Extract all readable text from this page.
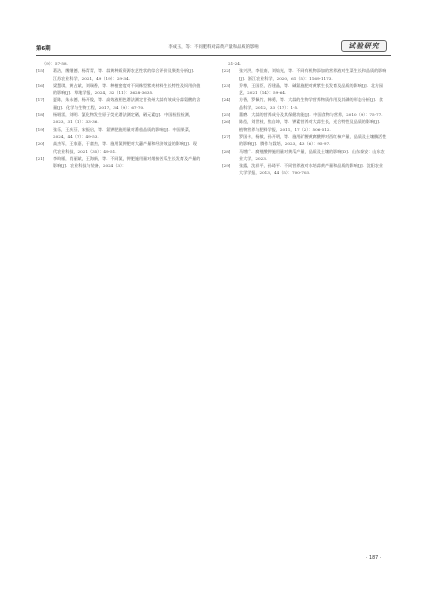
第6期	李成玉，等：不同肥料对蒜黄产量和品质的影响	试验研究
（9）：57-58.
[15] 葛洁，鹰继德，杨青青，等．蒜黄种质资源农艺性状的综合评价及聚类分析[J]．江苏农业科学，2021，49（19）：29-34.
[16] 梁慧琪，黄占斌，刘瑞香，等．种植密度对不同株型紫麦材料生长特性及饲用价值的影响[J]．草地学报，2024，32（11）：3628-3635.
[17] 夏陈，朱永德，杨开俊，等．高效液相色谱法测定甘孜州大蒜有效成分蒜氨酸的含量[J]．化学与生物工程，2017，34（9）：67-70.
[18] 杨唱雷，刘明．氯化物发生原子荧光谱法测定硒，硒元素[J]．中国检验检测，2023，31（1）：33-36.
[19] 张乐，王庆芬，宋振启，等．氮钾肥施用量对番茄品质的影响[J]．中国果菜，2024，44（7）：49-53.
[20] 高杰军，王家嘉，于童杰，等．施用氮钾肥对大蕙产量和经济效益的影响[J]．现代农业科技，2021（35）：49-51.
[21] 李昀雁，肖丽斌，王海新，等．不同氮，钾肥施用量对烟接苦瓜生长发育及产量的影响[J]．农业科技与装备，2024（3）：
21-24.
[22] 张兴洪，李佳南，刘灿光，等．不同有机物添加的营养液对生菜生长和品质的影响[J]．浙江农业科学，2020，61（5）：1169-1173.
[23] 乔尊，王国臣，吞建晶，等．碱氮施肥对黄紫生长发育及品质的影响[J]．北方园艺，2021（14）：59-64.
[24] 方香，罗佩竹，韩勇，等．大蒜的生物学营养物质作用及其磷的形态分析[J]．食品科学，2012，33（17）：1-5.
[25] 董磨．大蒜的营养成分及其保健功能[J]．中国食物与营养，2010（9）：75-77.
[26] 陈莅，刘世枝，焦自坤，等．钾素营养对大蒜生长，光合特性及品质的影响[J]．植物营养与肥料学报，2011，17（2）：506-512.
[27] 罗国卡，杨敏，孙开明，等．施用矿腰黄腐酸钾对西红柿产量，品质及土壤酶活性的影响[J]．腾作与栽培，2023，43（6）：95-97.
[28] 马增广．腐殖酸钾施用量对黄瓜产量，品质及土壤的影响[D]．山东泰安：山东农业大学，2023.
[29] 张露，沈祥平，孙琦平．不同营养液对水培蒜黄产量和品质的影响[J]．沈阳农业大学学报，2013，44（5）：700-703.
· 187 ·
